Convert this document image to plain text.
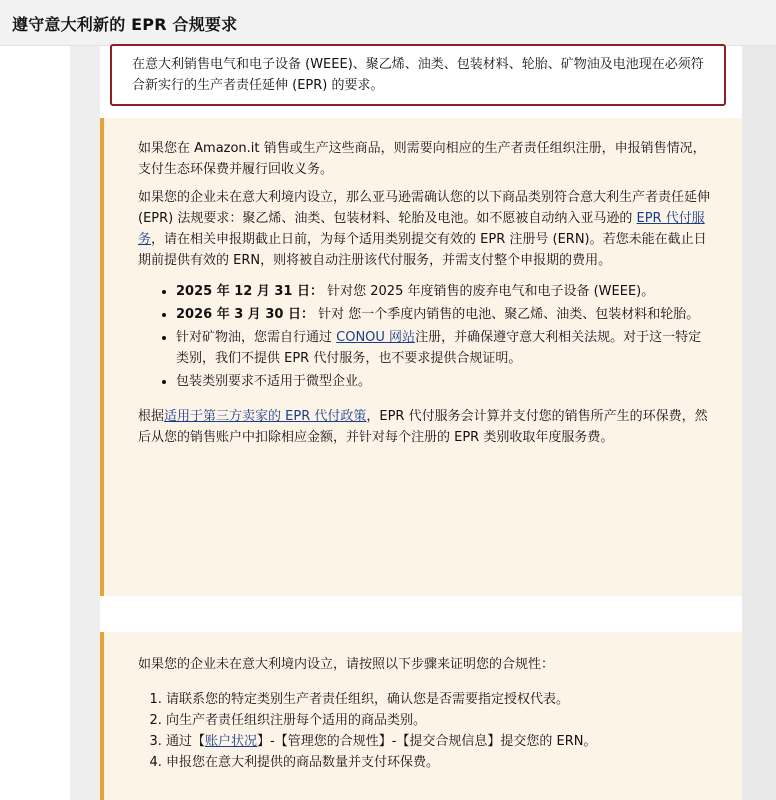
遵守意大利新的 EPR 合规要求
在意大利销售电气和电子设备 (WEEE)、聚乙烯、油类、包装材料、轮胎、矿物油及电池现在必须符合新实行的生产者责任延伸 (EPR) 的要求。

如果您在 Amazon.it 销售或生产这些商品，则需要向相应的生产者责任组织注册，申报销售情况，支付生态环保费并履行回收义务。

如果您的企业未在意大利境内设立，那么亚马逊需确认您的以下商品类别符合意大利生产者责任延伸 (EPR) 法规要求：聚乙烯、油类、包装材料、轮胎及电池。如不愿被自动纳入亚马逊的 EPR 代付服务，请在相关申报期截止日前，为每个适用类别提交有效的 EPR 注册号 (ERN)。若您未能在截止日期前提供有效的 ERN，则将被自动注册该代付服务，并需支付整个申报期的费用。

• 2025 年 12 月 31 日： 针对您 2025 年度销售的废弃电气和电子设备 (WEEE)。
• 2026 年 3 月 30 日： 针对 您一个季度内销售的电池、聚乙烯、油类、包装材料和轮胎。
• 针对矿物油，您需自行通过 CONOU 网站注册，并确保遵守意大利相关法规。对于这一特定类别，我们不提供 EPR 代付服务，也不要求提供合规证明。
• 包装类别要求不适用于微型企业。

根据适用于第三方卖家的 EPR 代付政策，EPR 代付服务会计算并支付您的销售所产生的环保费，然后从您的销售账户中扣除相应金额，并针对每个注册的 EPR 类别收取年度服务费。

如果您的企业未在意大利境内设立，请按照以下步骤来证明您的合规性：

1. 请联系您的特定类别生产者责任组织，确认您是否需要指定授权代表。
2. 向生产者责任组织注册每个适用的商品类别。
3. 通过【账户状况】-【管理您的合规性】-【提交合规信息】提交您的 ERN。
4. 申报您在意大利提供的商品数量并支付环保费。
